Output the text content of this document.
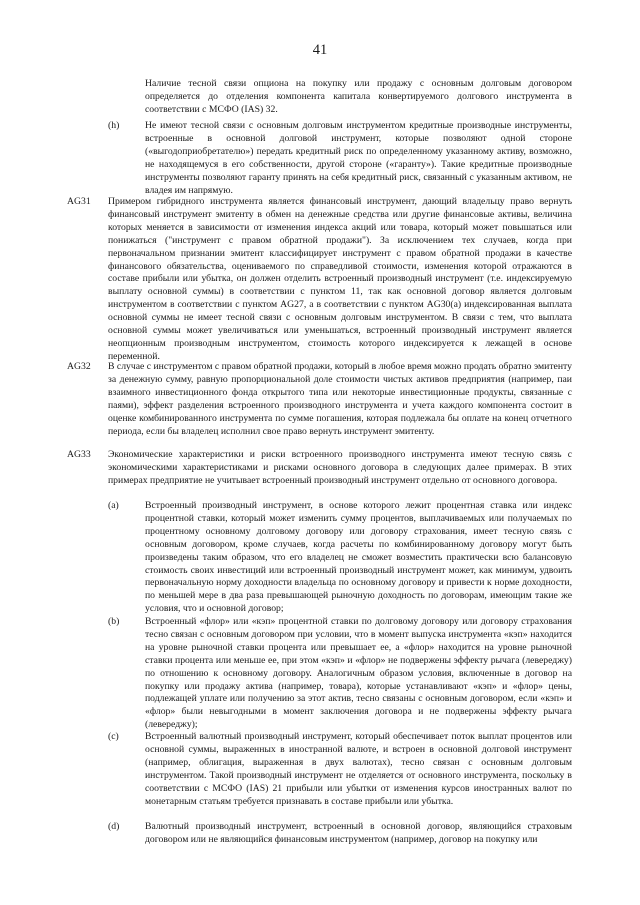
41
Наличие тесной связи опциона на покупку или продажу с основным долговым договором определяется до отделения компонента капитала конвертируемого долгового инструмента в соответствии с МСФО (IAS) 32.
(h)	Не имеют тесной связи с основным долговым инструментом кредитные производные инструменты, встроенные в основной долговой инструмент, которые позволяют одной стороне («выгодоприобретателю») передать кредитный риск по определенному указанному активу, возможно, не находящемуся в его собственности, другой стороне («гаранту»). Такие кредитные производные инструменты позволяют гаранту принять на себя кредитный риск, связанный с указанным активом, не владея им напрямую.
AG31 Примером гибридного инструмента является финансовый инструмент, дающий владельцу право вернуть финансовый инструмент эмитенту в обмен на денежные средства или другие финансовые активы, величина которых меняется в зависимости от изменения индекса акций или товара, который может повышаться или понижаться ("инструмент с правом обратной продажи"). За исключением тех случаев, когда при первоначальном признании эмитент классифицирует инструмент с правом обратной продажи в качестве финансового обязательства, оцениваемого по справедливой стоимости, изменения которой отражаются в составе прибыли или убытка, он должен отделить встроенный производный инструмент (т.е. индексируемую выплату основной суммы) в соответствии с пунктом 11, так как основной договор является долговым инструментом в соответствии с пунктом AG27, а в соответствии с пунктом AG30(a) индексированная выплата основной суммы не имеет тесной связи с основным долговым инструментом. В связи с тем, что выплата основной суммы может увеличиваться или уменьшаться, встроенный производный инструмент является неопционным производным инструментом, стоимость которого индексируется к лежащей в основе переменной.
AG32 В случае с инструментом с правом обратной продажи, который в любое время можно продать обратно эмитенту за денежную сумму, равную пропорциональной доле стоимости чистых активов предприятия (например, паи взаимного инвестиционного фонда открытого типа или некоторые инвестиционные продукты, связанные с паями), эффект разделения встроенного производного инструмента и учета каждого компонента состоит в оценке комбинированного инструмента по сумме погашения, которая подлежала бы оплате на конец отчетного периода, если бы владелец исполнил свое право вернуть инструмент эмитенту.
AG33 Экономические характеристики и риски встроенного производного инструмента имеют тесную связь с экономическими характеристиками и рисками основного договора в следующих далее примерах. В этих примерах предприятие не учитывает встроенный производный инструмент отдельно от основного договора.
(a)	Встроенный производный инструмент, в основе которого лежит процентная ставка или индекс процентной ставки, который может изменить сумму процентов, выплачиваемых или получаемых по процентному основному долговому договору или договору страхования, имеет тесную связь с основным договором, кроме случаев, когда расчеты по комбинированному договору могут быть произведены таким образом, что его владелец не сможет возместить практически всю балансовую стоимость своих инвестиций или встроенный производный инструмент может, как минимум, удвоить первоначальную норму доходности владельца по основному договору и привести к норме доходности, по меньшей мере в два раза превышающей рыночную доходность по договорам, имеющим такие же условия, что и основной договор;
(b)	Встроенный «флор» или «кэп» процентной ставки по долговому договору или договору страхования тесно связан с основным договором при условии, что в момент выпуска инструмента «кэп» находится на уровне рыночной ставки процента или превышает ее, а «флор» находится на уровне рыночной ставки процента или меньше ее, при этом «кэп» и «флор» не подвержены эффекту рычага (левереджу) по отношению к основному договору. Аналогичным образом условия, включенные в договор на покупку или продажу актива (например, товара), которые устанавливают «кэп» и «флор» цены, подлежащей уплате или получению за этот актив, тесно связаны с основным договором, если «кэп» и «флор» были невыгодными в момент заключения договора и не подвержены эффекту рычага (левереджу);
(c)	Встроенный валютный производный инструмент, который обеспечивает поток выплат процентов или основной суммы, выраженных в иностранной валюте, и встроен в основной долговой инструмент (например, облигация, выраженная в двух валютах), тесно связан с основным долговым инструментом. Такой производный инструмент не отделяется от основного инструмента, поскольку в соответствии с МСФО (IAS) 21 прибыли или убытки от изменения курсов иностранных валют по монетарным статьям требуется признавать в составе прибыли или убытка.
(d)	Валютный производный инструмент, встроенный в основной договор, являющийся страховым договором или не являющийся финансовым инструментом (например, договор на покупку или
